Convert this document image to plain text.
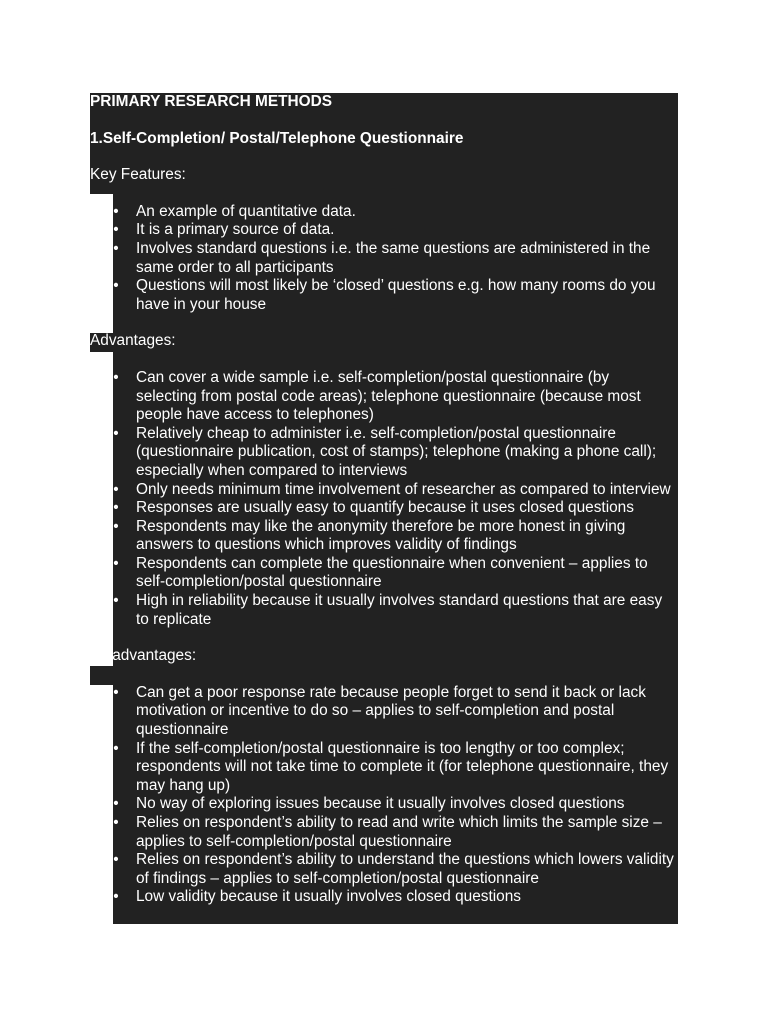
PRIMARY RESEARCH METHODS
1.Self-Completion/ Postal/Telephone Questionnaire
Key Features:
• An example of quantitative data.
• It is a primary source of data.
• Involves standard questions i.e. the same questions are administered in the same order to all participants
• Questions will most likely be ‘closed’ questions e.g. how many rooms do you have in your house
Advantages:
• Can cover a wide sample i.e. self-completion/postal questionnaire (by selecting from postal code areas); telephone questionnaire (because most people have access to telephones)
• Relatively cheap to administer i.e. self-completion/postal questionnaire (questionnaire publication, cost of stamps); telephone (making a phone call); especially when compared to interviews
• Only needs minimum time involvement of researcher as compared to interview
• Responses are usually easy to quantify because it uses closed questions
• Respondents may like the anonymity therefore be more honest in giving answers to questions which improves validity of findings
• Respondents can complete the questionnaire when convenient – applies to self-completion/postal questionnaire
• High in reliability because it usually involves standard questions that are easy to replicate
Disadvantages:
• Can get a poor response rate because people forget to send it back or lack motivation or incentive to do so – applies to self-completion and postal questionnaire
• If the self-completion/postal questionnaire is too lengthy or too complex; respondents will not take time to complete it (for telephone questionnaire, they may hang up)
• No way of exploring issues because it usually involves closed questions
• Relies on respondent’s ability to read and write which limits the sample size – applies to self-completion/postal questionnaire
• Relies on respondent’s ability to understand the questions which lowers validity of findings – applies to self-completion/postal questionnaire
• Low validity because it usually involves closed questions
